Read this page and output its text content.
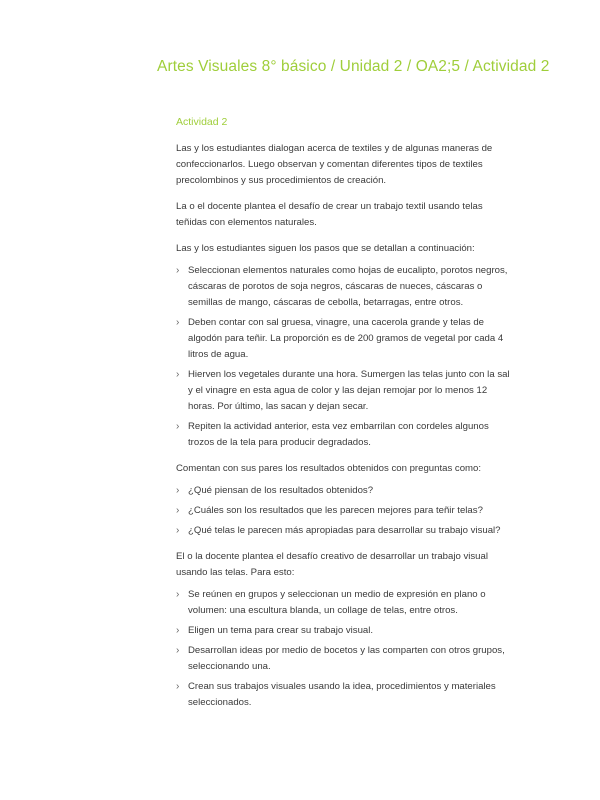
Artes Visuales 8° básico / Unidad 2 / OA2;5 / Actividad 2
Actividad 2

Las y los estudiantes dialogan acerca de textiles y de algunas maneras de confeccionarlos. Luego observan y comentan diferentes tipos de textiles precolombinos y sus procedimientos de creación.

La o el docente plantea el desafío de crear un trabajo textil usando telas teñidas con elementos naturales.

Las y los estudiantes siguen los pasos que se detallan a continuación:

› Seleccionan elementos naturales como hojas de eucalipto, porotos negros, cáscaras de porotos de soja negros, cáscaras de nueces, cáscaras o semillas de mango, cáscaras de cebolla, betarragas, entre otros.
› Deben contar con sal gruesa, vinagre, una cacerola grande y telas de algodón para teñir. La proporción es de 200 gramos de vegetal por cada 4 litros de agua.
› Hierven los vegetales durante una hora. Sumergen las telas junto con la sal y el vinagre en esta agua de color y las dejan remojar por lo menos 12 horas. Por último, las sacan y dejan secar.
› Repiten la actividad anterior, esta vez embarrilan con cordeles algunos trozos de la tela para producir degradados.

Comentan con sus pares los resultados obtenidos con preguntas como:

› ¿Qué piensan de los resultados obtenidos?
› ¿Cuáles son los resultados que les parecen mejores para teñir telas?
› ¿Qué telas le parecen más apropiadas para desarrollar su trabajo visual?

El o la docente plantea el desafío creativo de desarrollar un trabajo visual usando las telas. Para esto:

› Se reúnen en grupos y seleccionan un medio de expresión en plano o volumen: una escultura blanda, un collage de telas, entre otros.
› Eligen un tema para crear su trabajo visual.
› Desarrollan ideas por medio de bocetos y las comparten con otros grupos, seleccionando una.
› Crean sus trabajos visuales usando la idea, procedimientos y materiales seleccionados.
